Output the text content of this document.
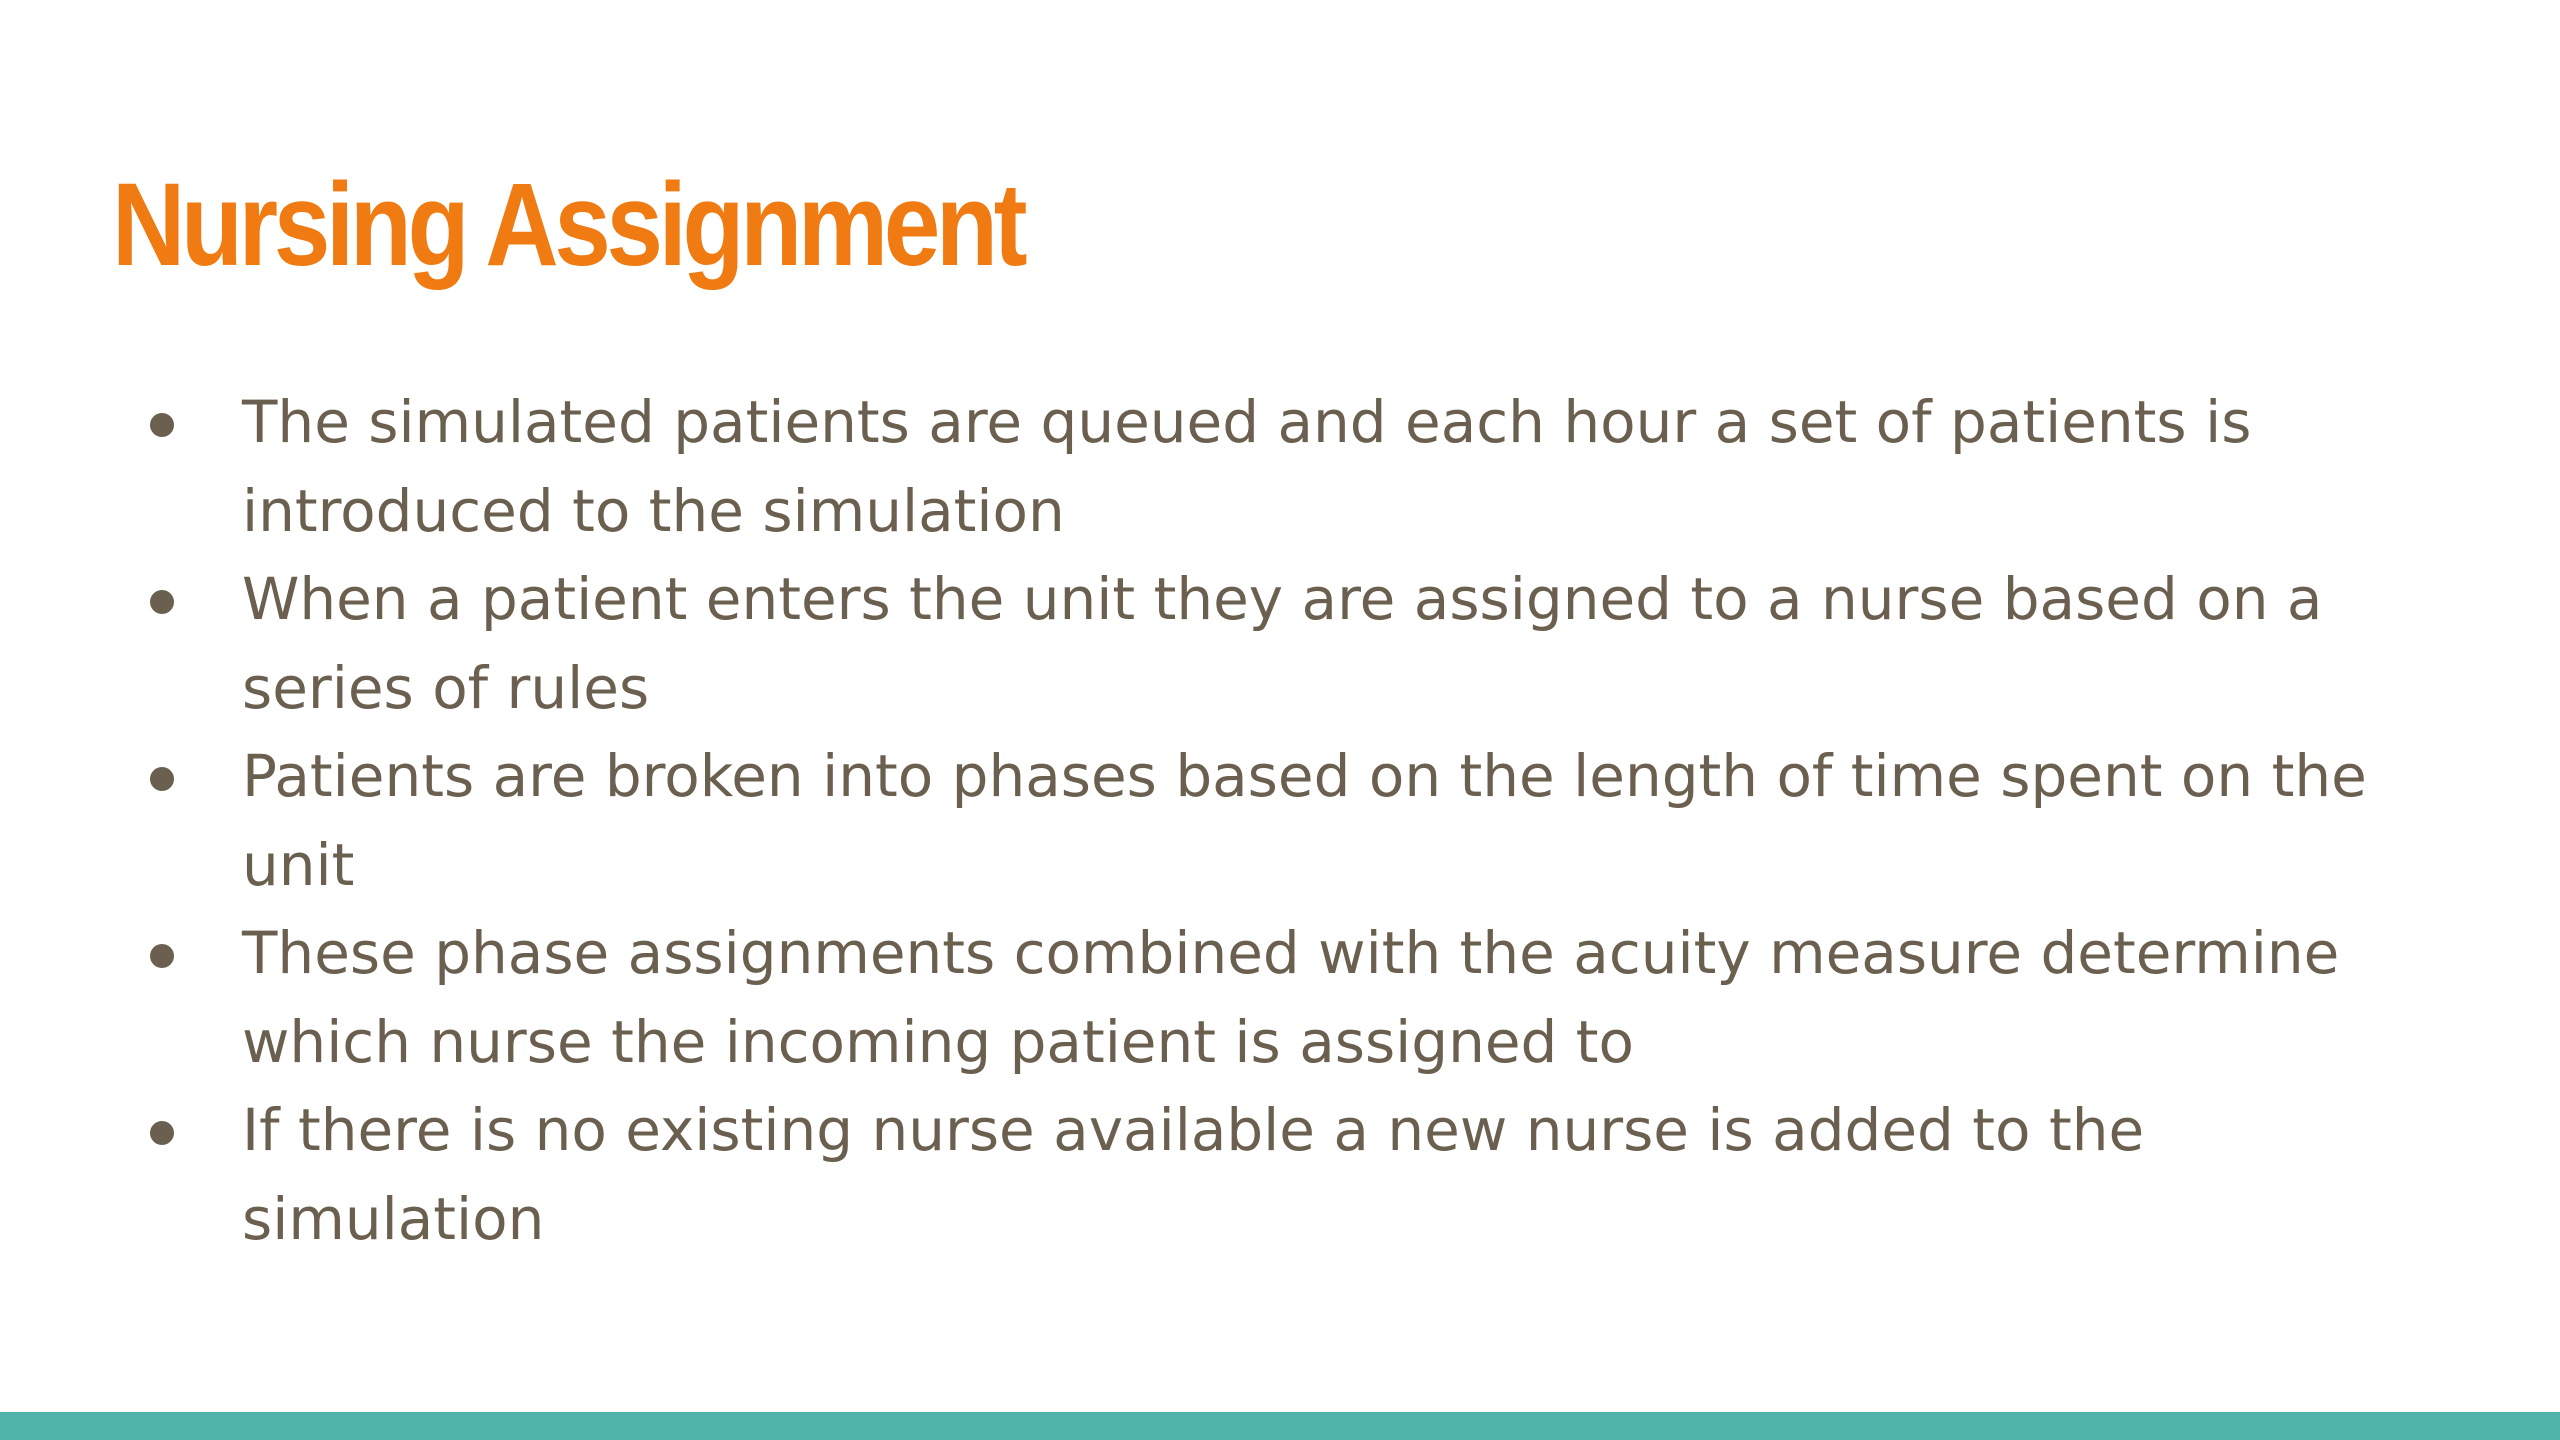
Nursing Assignment
The simulated patients are queued and each hour a set of patients is introduced to the simulation
When a patient enters the unit they are assigned to a nurse based on a series of rules
Patients are broken into phases based on the length of time spent on the unit
These phase assignments combined with the acuity measure determine which nurse the incoming patient is assigned to
If there is no existing nurse available a new nurse is added to the simulation
